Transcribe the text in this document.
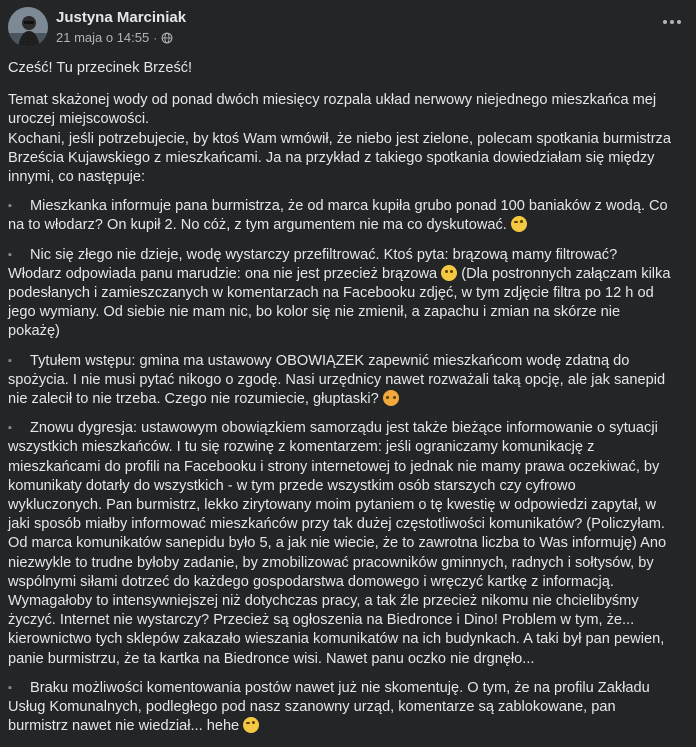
Justyna Marciniak
21 maja o 14:55 ·

Cześć! Tu przecinek Brześć!

Temat skażonej wody od ponad dwóch miesięcy rozpala układ nerwowy niejednego mieszkańca mej
uroczej miejscowości.
Kochani, jeśli potrzebujecie, by ktoś Wam wmówił, że niebo jest zielone, polecam spotkania burmistrza
Brześcia Kujawskiego z mieszkańcami. Ja na przykład z takiego spotkania dowiedziałam się między
innymi, co następuje:

▪ Mieszkanka informuje pana burmistrza, że od marca kupiła grubo ponad 100 baniaków z wodą. Co
na to włodarz? On kupił 2. No cóż, z tym argumentem nie ma co dyskutować.

▪ Nic się złego nie dzieje, wodę wystarczy przefiltrować. Ktoś pyta: brązową mamy filtrować?
Włodarz odpowiada panu marudzie: ona nie jest przecież brązowa (Dla postronnych załączam kilka
podesłanych i zamieszczanych w komentarzach na Facebooku zdjęć, w tym zdjęcie filtra po 12 h od
jego wymiany. Od siebie nie mam nic, bo kolor się nie zmienił, a zapachu i zmian na skórze nie
pokażę)

▪ Tytułem wstępu: gmina ma ustawowy OBOWIĄZEK zapewnić mieszkańcom wodę zdatną do
spożycia. I nie musi pytać nikogo o zgodę. Nasi urzędnicy nawet rozważali taką opcję, ale jak sanepid
nie zalecił to nie trzeba. Czego nie rozumiecie, głuptaski?

▪ Znowu dygresja: ustawowym obowiązkiem samorządu jest także bieżące informowanie o sytuacji
wszystkich mieszkańców. I tu się rozwinę z komentarzem: jeśli ograniczamy komunikację z
mieszkańcami do profili na Facebooku i strony internetowej to jednak nie mamy prawa oczekiwać, by
komunikaty dotarły do wszystkich - w tym przede wszystkim osób starszych czy cyfrowo
wykluczonych. Pan burmistrz, lekko zirytowany moim pytaniem o tę kwestię w odpowiedzi zapytał, w
jaki sposób miałby informować mieszkańców przy tak dużej częstotliwości komunikatów? (Policzyłam.
Od marca komunikatów sanepidu było 5, a jak nie wiecie, że to zawrotna liczba to Was informuję) Ano
niezwykle to trudne byłoby zadanie, by zmobilizować pracowników gminnych, radnych i sołtysów, by
wspólnymi siłami dotrzeć do każdego gospodarstwa domowego i wręczyć kartkę z informacją.
Wymagałoby to intensywniejszej niż dotychczas pracy, a tak źle przecież nikomu nie chcielibyśmy
życzyć. Internet nie wystarczy? Przecież są ogłoszenia na Biedronce i Dino! Problem w tym, że...
kierownictwo tych sklepów zakazało wieszania komunikatów na ich budynkach. A taki był pan pewien,
panie burmistrzu, że ta kartka na Biedronce wisi. Nawet panu oczko nie drgnęło...

▪ Braku możliwości komentowania postów nawet już nie skomentuję. O tym, że na profilu Zakładu
Usług Komunalnych, podległego pod nasz szanowny urząd, komentarze są zablokowane, pan
burmistrz nawet nie wiedział... hehe
